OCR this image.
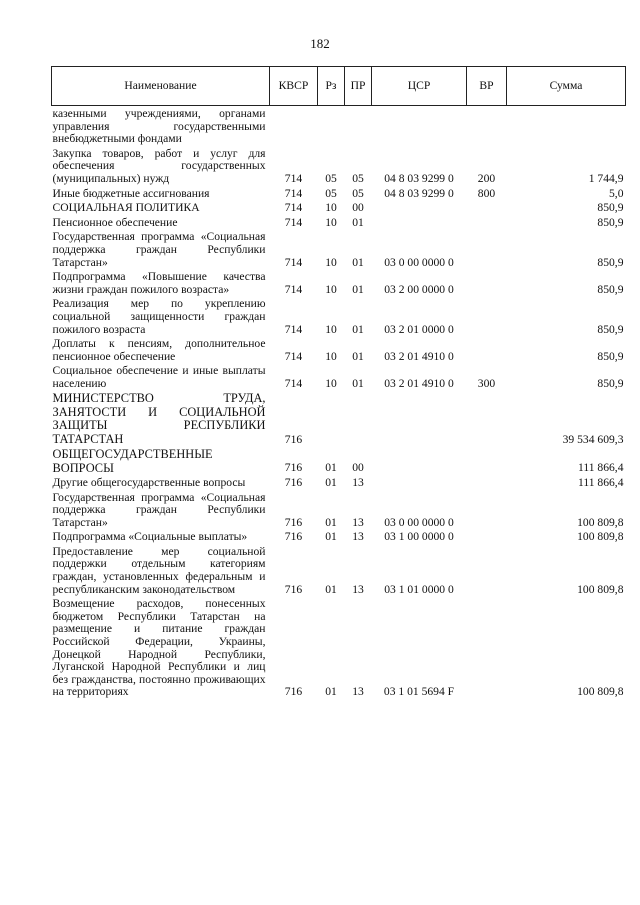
182
Наименование	КВСР	Рз	ПР	ЦСР	ВР	Сумма
казенными учреждениями, органами управления государственными внебюджетными фондами						
Закупка товаров, работ и услуг для обеспечения государственных (муниципальных) нужд	714	05	05	04 8 03 9299 0	200	1 744,9
Иные бюджетные ассигнования	714	05	05	04 8 03 9299 0	800	5,0
СОЦИАЛЬНАЯ ПОЛИТИКА	714	10	00			850,9
Пенсионное обеспечение	714	10	01			850,9
Государственная программа «Социальная поддержка граждан Республики Татарстан»	714	10	01	03 0 00 0000 0		850,9
Подпрограмма «Повышение качества жизни граждан пожилого возраста»	714	10	01	03 2 00 0000 0		850,9
Реализация мер по укреплению социальной защищенности граждан пожилого возраста	714	10	01	03 2 01 0000 0		850,9
Доплаты к пенсиям, дополнительное пенсионное обеспечение	714	10	01	03 2 01 4910 0		850,9
Социальное обеспечение и иные выплаты населению	714	10	01	03 2 01 4910 0	300	850,9
МИНИСТЕРСТВО ТРУДА, ЗАНЯТОСТИ И СОЦИАЛЬНОЙ ЗАЩИТЫ РЕСПУБЛИКИ ТАТАРСТАН	716					39 534 609,3
ОБЩЕГОСУДАРСТВЕННЫЕ ВОПРОСЫ	716	01	00			111 866,4
Другие общегосударственные вопросы	716	01	13			111 866,4
Государственная программа «Социальная поддержка граждан Республики Татарстан»	716	01	13	03 0 00 0000 0		100 809,8
Подпрограмма «Социальные выплаты»	716	01	13	03 1 00 0000 0		100 809,8
Предоставление мер социальной поддержки отдельным категориям граждан, установленных федеральным и республиканским законодательством	716	01	13	03 1 01 0000 0		100 809,8
Возмещение расходов, понесенных бюджетом Республики Татарстан на размещение и питание граждан Российской Федерации, Украины, Донецкой Народной Республики, Луганской Народной Республики и лиц без гражданства, постоянно проживающих на территориях	716	01	13	03 1 01 5694 F		100 809,8
